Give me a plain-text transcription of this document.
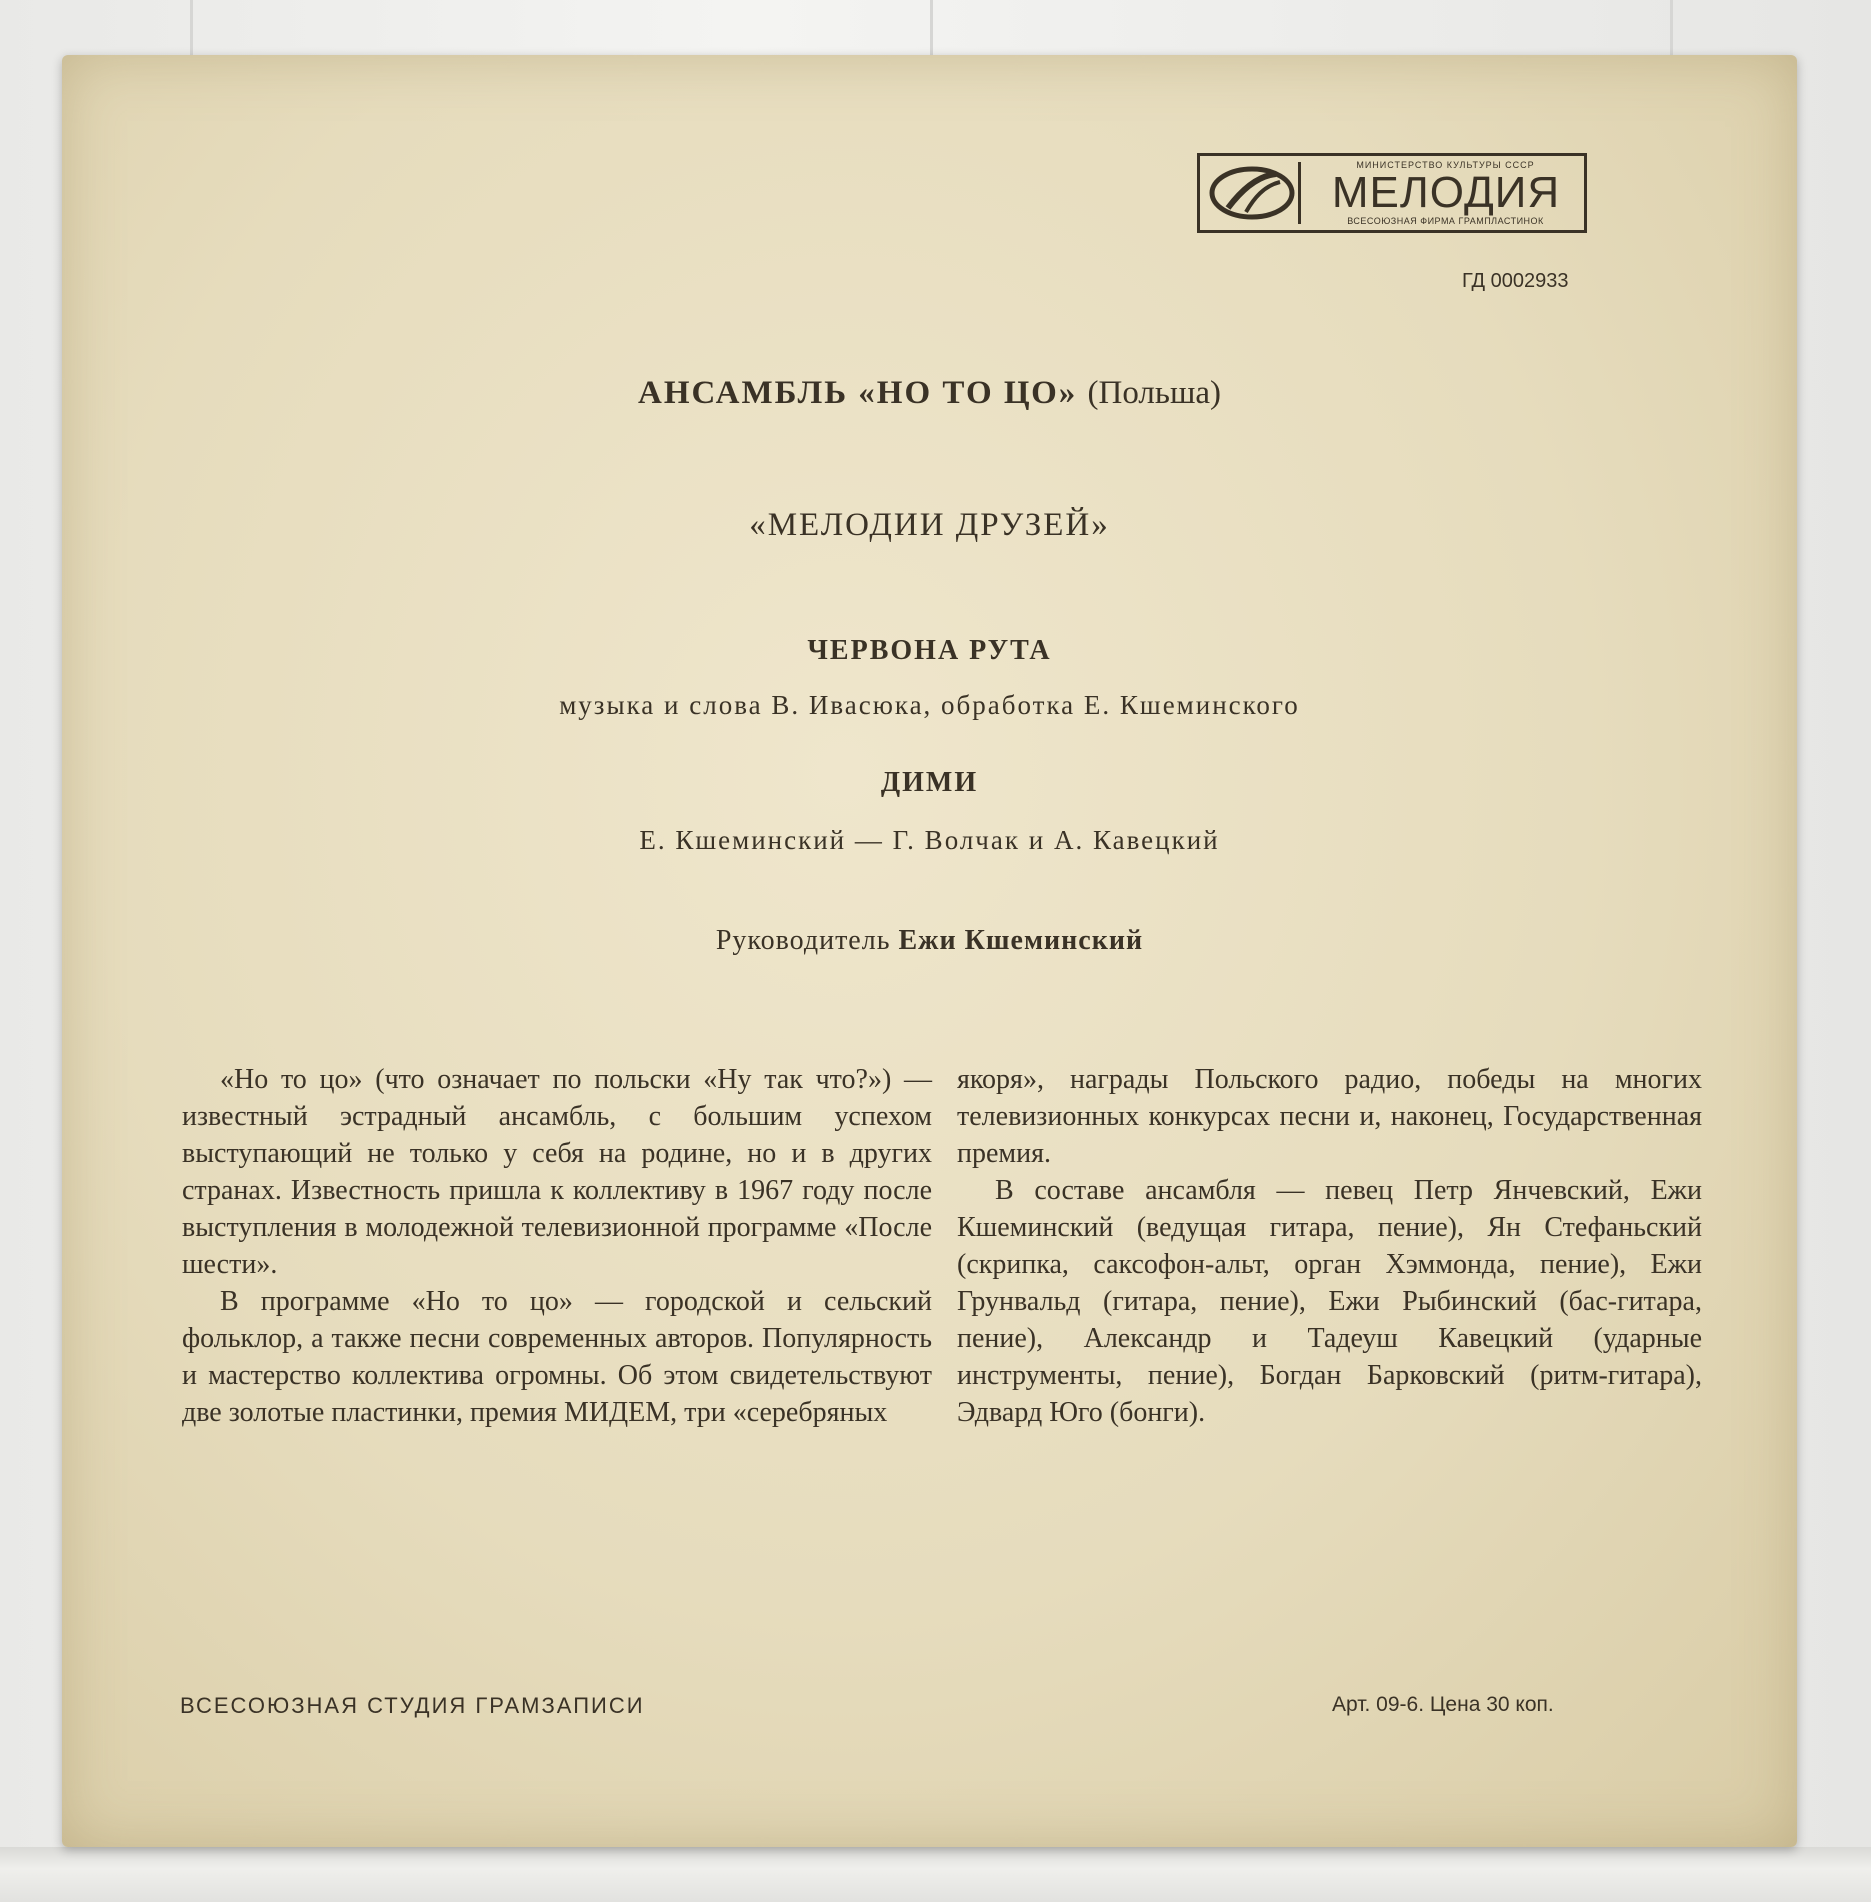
МИНИСТЕРСТВО КУЛЬТУРЫ СССР
МЕЛОДИЯ
ВСЕСОЮЗНАЯ ФИРМА ГРАМПЛАСТИНОК
ГД 0002933
АНСАМБЛЬ «НО ТО ЦО» (Польша)
«МЕЛОДИИ ДРУЗЕЙ»
ЧЕРВОНА РУТА
музыка и слова В. Ивасюка, обработка Е. Кшеминского
ДИМИ
Е. Кшеминский — Г. Волчак и А. Кавецкий
Руководитель Ежи Кшеминский

«Но то цо» (что означает по польски «Ну так что?») — известный эстрадный ансамбль, с большим успехом выступающий не только у себя на родине, но и в других странах. Известность пришла к коллективу в 1967 году после выступления в молодежной телевизионной программе «После шести».

В программе «Но то цо» — городской и сельский фольклор, а также песни современных авторов. Популярность и мастерство коллектива огромны. Об этом свидетельствуют две золотые пластинки, премия МИДЕМ, три «серебряных

якоря», награды Польского радио, победы на многих телевизионных конкурсах песни и, наконец, Государственная премия.

В составе ансамбля — певец Петр Янчевский, Ежи Кшеминский (ведущая гитара, пение), Ян Стефаньский (скрипка, саксофон-альт, орган Хэммонда, пение), Ежи Грунвальд (гитара, пение), Ежи Рыбинский (бас-гитара, пение), Александр и Тадеуш Кавецкий (ударные инструменты, пение), Богдан Барковский (ритм-гитара), Эдвард Юго (бонги).

ВСЕСОЮЗНАЯ СТУДИЯ ГРАМЗАПИСИ	Арт. 09-6. Цена 30 коп.
